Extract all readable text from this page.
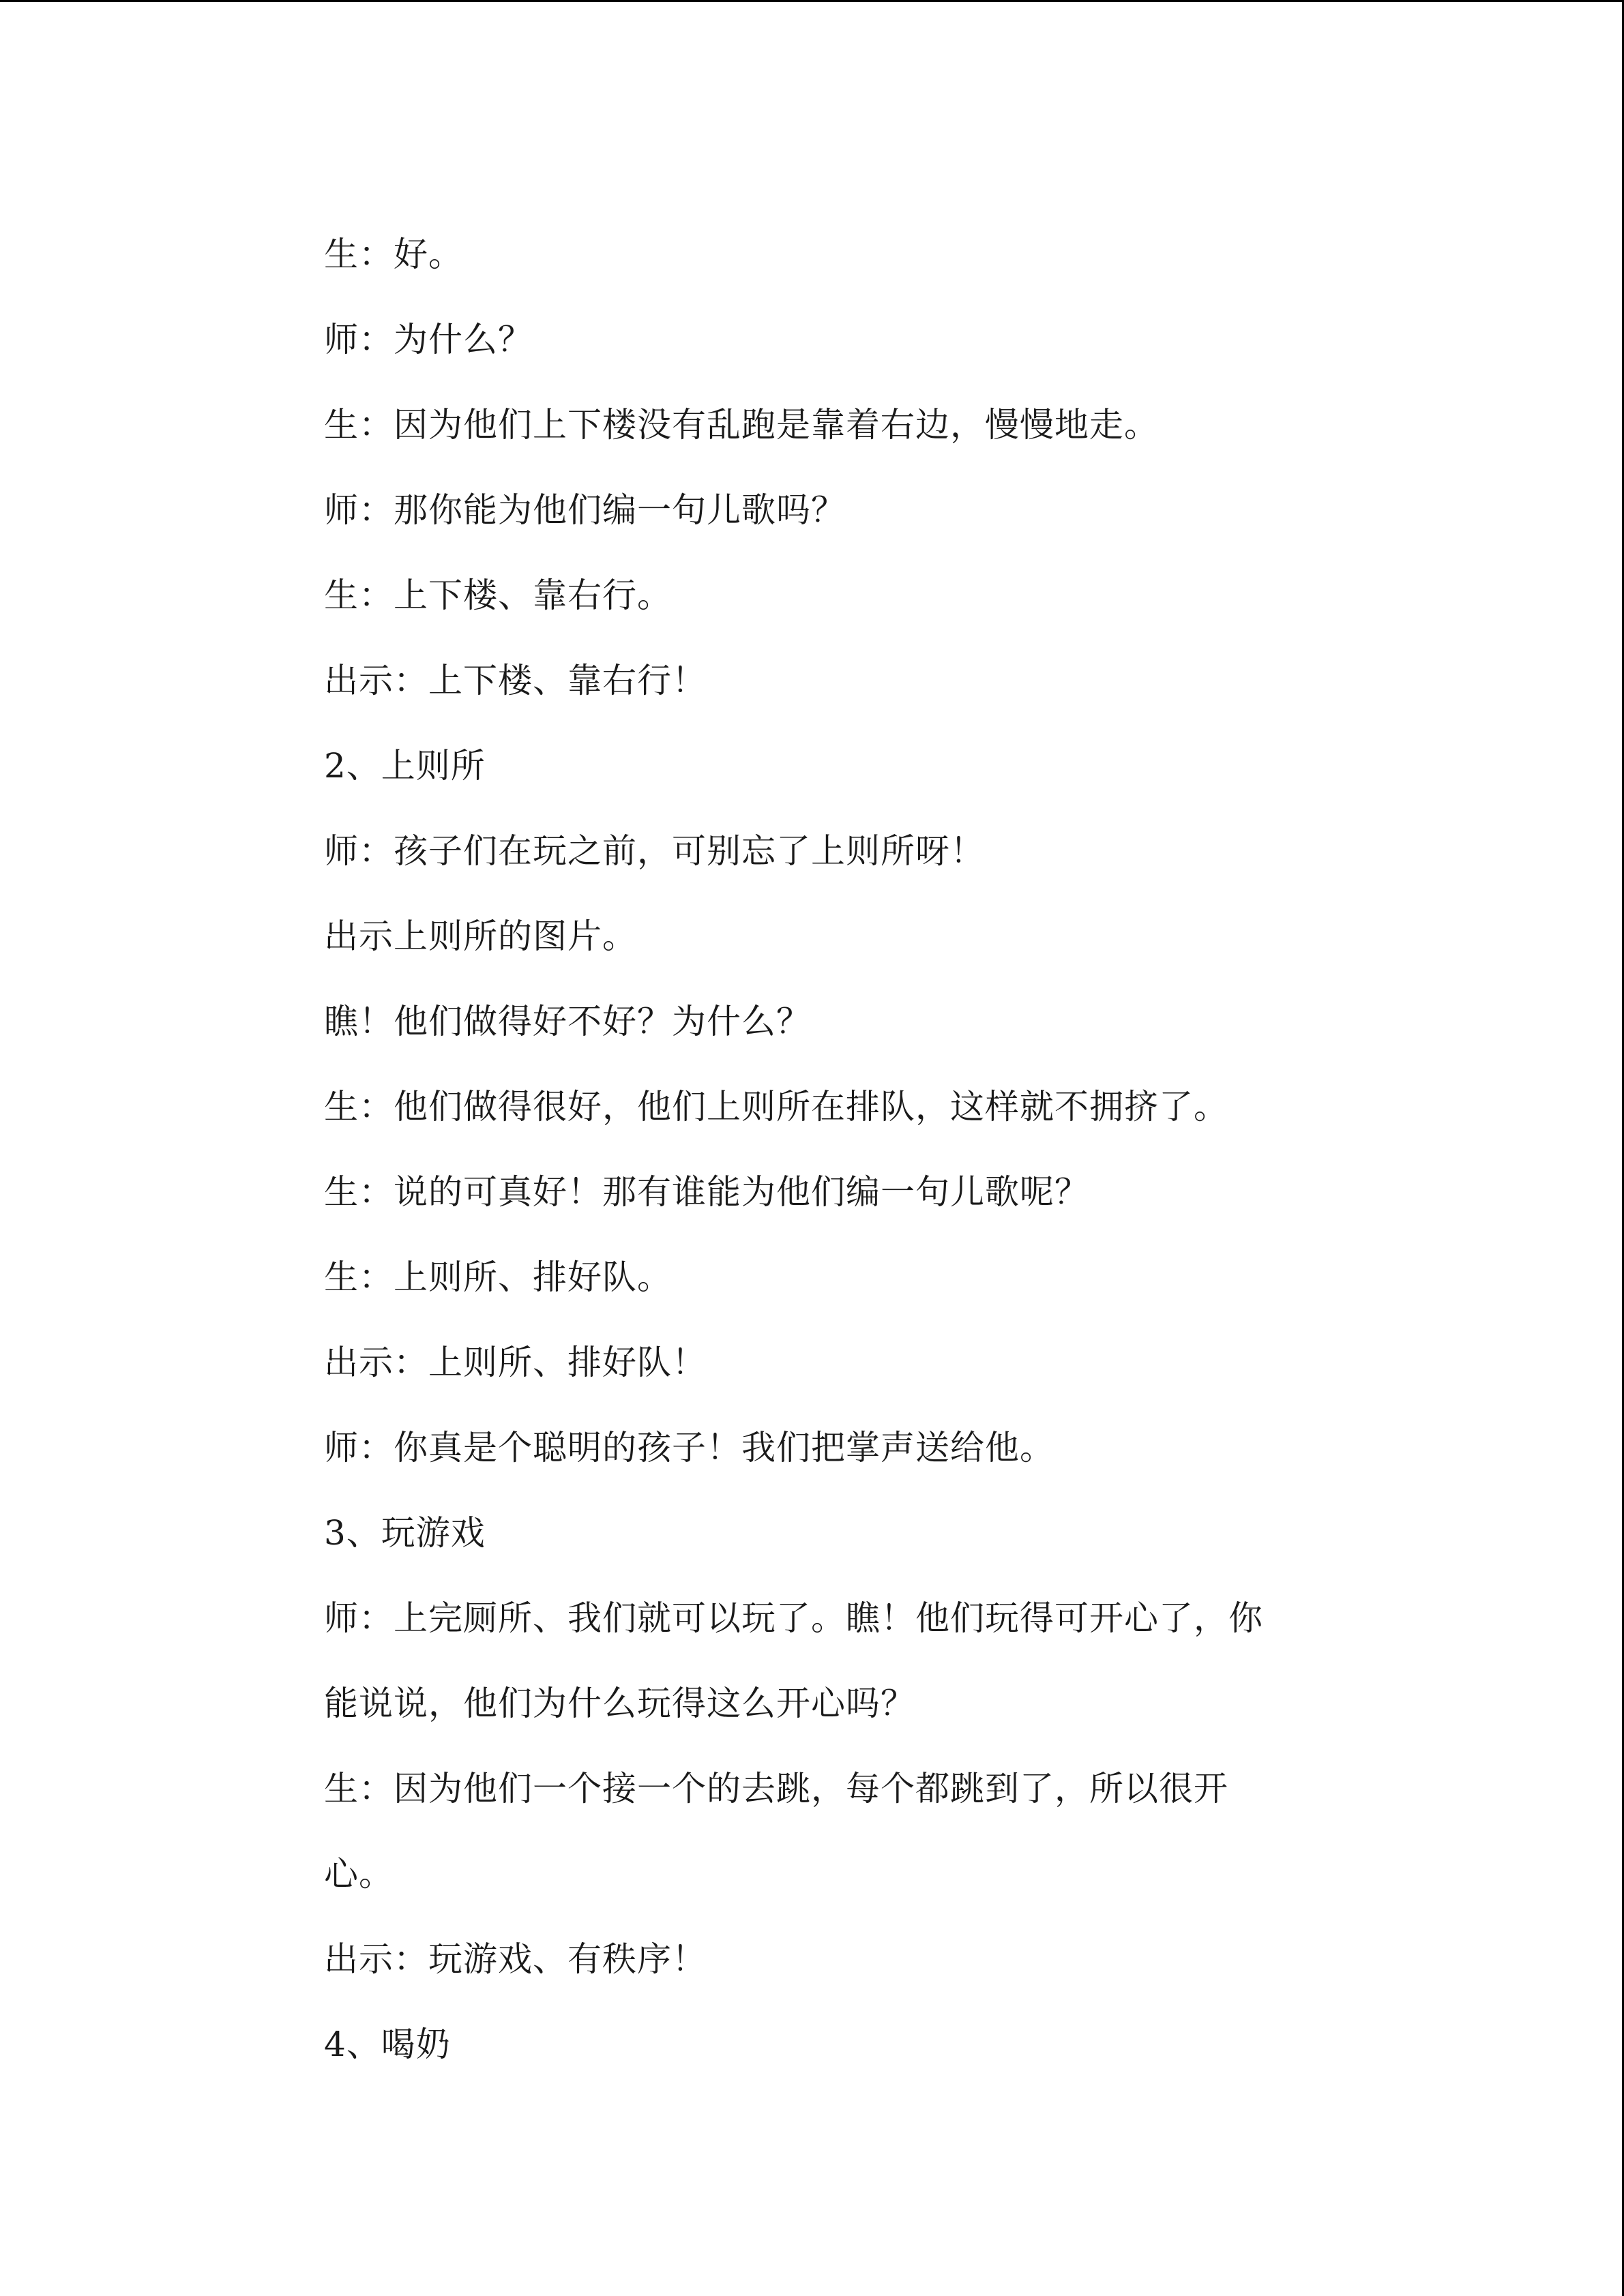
生：好。

师：为什么？

生：因为他们上下楼没有乱跑是靠着右边，慢慢地走。

师：那你能为他们编一句儿歌吗？

生：上下楼、靠右行。

出示：上下楼、靠右行！

2、上则所

师：孩子们在玩之前，可别忘了上则所呀！

出示上则所的图片。

瞧！他们做得好不好？为什么？

生：他们做得很好，他们上则所在排队，这样就不拥挤了。

生：说的可真好！那有谁能为他们编一句儿歌呢？

生：上则所、排好队。

出示：上则所、排好队！

师：你真是个聪明的孩子！我们把掌声送给他。

3、玩游戏

师：上完厕所、我们就可以玩了。瞧！他们玩得可开心了，你

能说说，他们为什么玩得这么开心吗？

生：因为他们一个接一个的去跳，每个都跳到了，所以很开

心。

出示：玩游戏、有秩序！

4、喝奶
